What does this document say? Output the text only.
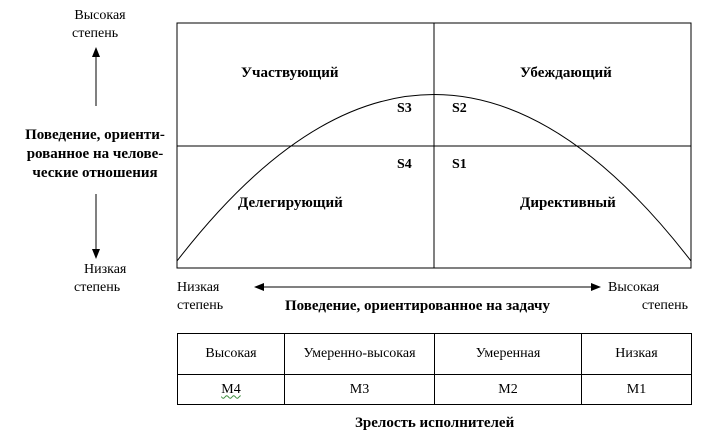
Высокая
степень
Поведение, ориенти-
рованное на челове-
ческие отношения
Низкая
степень
Участвующий	Убеждающий
Делегирующий	Директивный
S3	S2
S4	S1
Низкая
степень	Поведение, ориентированное на задачу
Высокая
степень
Высокая	Умеренно-высокая	Умеренная	Низкая
М4	М3	М2	М1
Зрелость исполнителей
